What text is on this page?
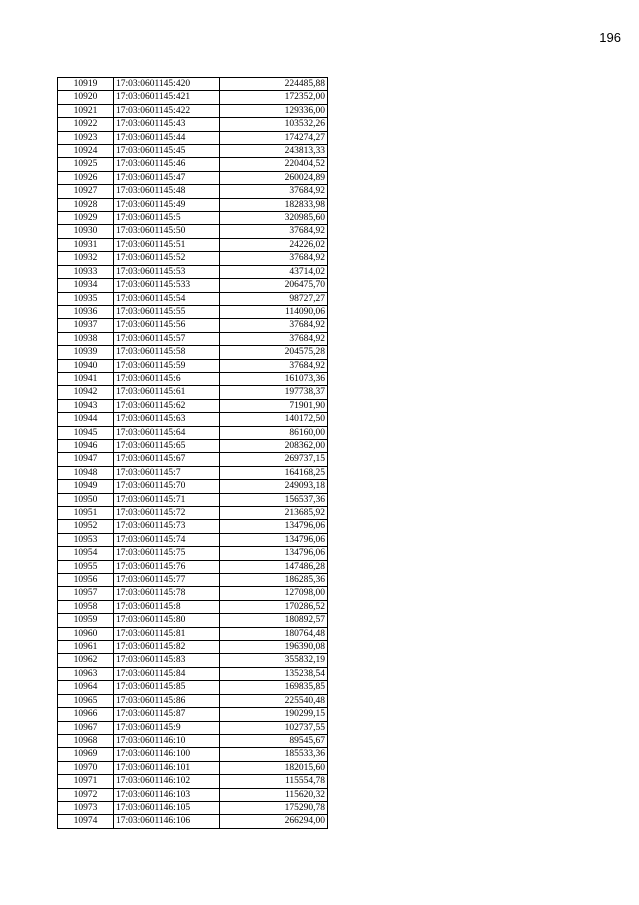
196
10919	17:03:0601145:420	224485,88
10920	17:03:0601145:421	172352,00
10921	17:03:0601145:422	129336,00
10922	17:03:0601145:43	103532,26
10923	17:03:0601145:44	174274,27
10924	17:03:0601145:45	243813,33
10925	17:03:0601145:46	220404,52
10926	17:03:0601145:47	260024,89
10927	17:03:0601145:48	37684,92
10928	17:03:0601145:49	182833,98
10929	17:03:0601145:5	320985,60
10930	17:03:0601145:50	37684,92
10931	17:03:0601145:51	24226,02
10932	17:03:0601145:52	37684,92
10933	17:03:0601145:53	43714,02
10934	17:03:0601145:533	206475,70
10935	17:03:0601145:54	98727,27
10936	17:03:0601145:55	114090,06
10937	17:03:0601145:56	37684,92
10938	17:03:0601145:57	37684,92
10939	17:03:0601145:58	204575,28
10940	17:03:0601145:59	37684,92
10941	17:03:0601145:6	161073,36
10942	17:03:0601145:61	197738,37
10943	17:03:0601145:62	71901,90
10944	17:03:0601145:63	140172,50
10945	17:03:0601145:64	86160,00
10946	17:03:0601145:65	208362,00
10947	17:03:0601145:67	269737,15
10948	17:03:0601145:7	164168,25
10949	17:03:0601145:70	249093,18
10950	17:03:0601145:71	156537,36
10951	17:03:0601145:72	213685,92
10952	17:03:0601145:73	134796,06
10953	17:03:0601145:74	134796,06
10954	17:03:0601145:75	134796,06
10955	17:03:0601145:76	147486,28
10956	17:03:0601145:77	186285,36
10957	17:03:0601145:78	127098,00
10958	17:03:0601145:8	170286,52
10959	17:03:0601145:80	180892,57
10960	17:03:0601145:81	180764,48
10961	17:03:0601145:82	196390,08
10962	17:03:0601145:83	355832,19
10963	17:03:0601145:84	135238,54
10964	17:03:0601145:85	169835,85
10965	17:03:0601145:86	225540,48
10966	17:03:0601145:87	190299,15
10967	17:03:0601145:9	102737,55
10968	17:03:0601146:10	89545,67
10969	17:03:0601146:100	185533,36
10970	17:03:0601146:101	182015,60
10971	17:03:0601146:102	115554,78
10972	17:03:0601146:103	115620,32
10973	17:03:0601146:105	175290,78
10974	17:03:0601146:106	266294,00
